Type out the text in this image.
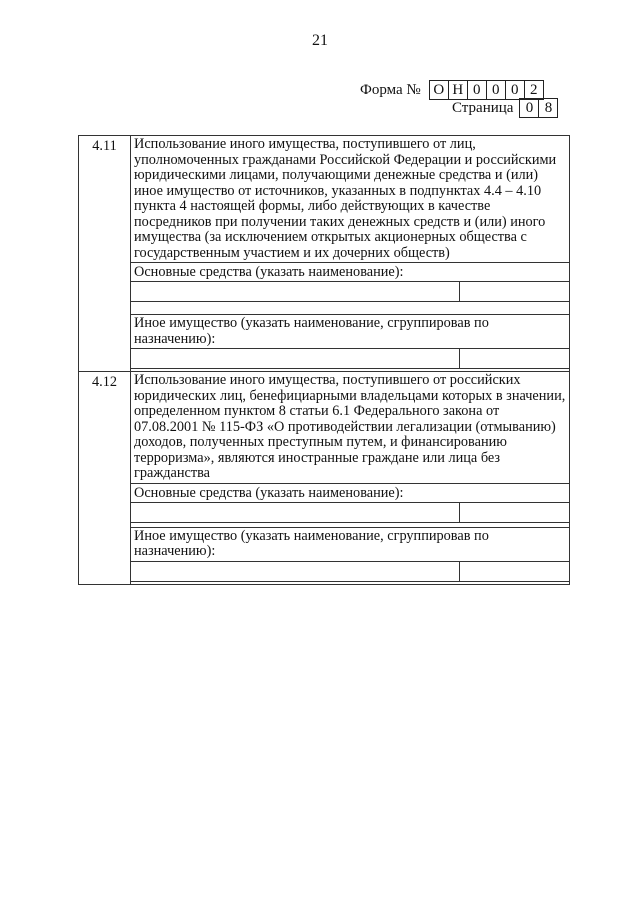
21
Форма № О Н 0 0 0 2
Страница 0 8
4.11	Использование иного имущества, поступившего от лиц, уполномоченных гражданами Российской Федерации и российскими юридическими лицами, получающими денежные средства и (или) иное имущество от источников, указанных в подпунктах 4.4 – 4.10 пункта 4 настоящей формы, либо действующих в качестве посредников при получении таких денежных средств и (или) иного имущества (за исключением открытых акционерных общества с государственным участием и их дочерних обществ)	
	Основные средства (указать наименование):	

	Иное имущество (указать наименование, сгруппировав по назначению):	

4.12	Использование иного имущества, поступившего от российских юридических лиц, бенефициарными владельцами которых в значении, определенном пунктом 8 статьи 6.1 Федерального закона от 07.08.2001 № 115-ФЗ «О противодействии легализации (отмыванию) доходов, полученных преступным путем, и финансированию терроризма», являются иностранные граждане или лица без гражданства	
	Основные средства (указать наименование):	

	Иное имущество (указать наименование, сгруппировав по назначению):	
